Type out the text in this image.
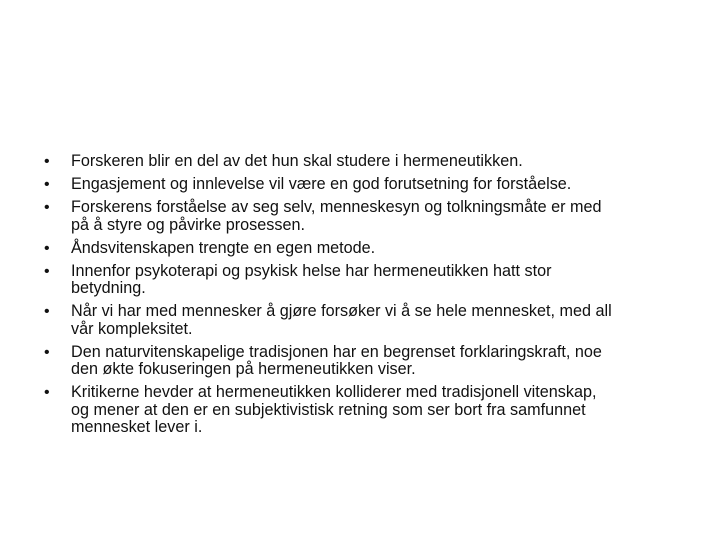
• Forskeren blir en del av det hun skal studere i hermeneutikken.
• Engasjement og innlevelse vil være en god forutsetning for forståelse.
• Forskerens forståelse av seg selv, menneskesyn og tolkningsmåte er med
på å styre og påvirke prosessen.
• Åndsvitenskapen trengte en egen metode.
• Innenfor psykoterapi og psykisk helse har hermeneutikken hatt stor
betydning.
• Når vi har med mennesker å gjøre forsøker vi å se hele mennesket, med all
vår kompleksitet.
• Den naturvitenskapelige tradisjonen har en begrenset forklaringskraft, noe
den økte fokuseringen på hermeneutikken viser.
• Kritikerne hevder at hermeneutikken kolliderer med tradisjonell vitenskap,
og mener at den er en subjektivistisk retning som ser bort fra samfunnet
mennesket lever i.
